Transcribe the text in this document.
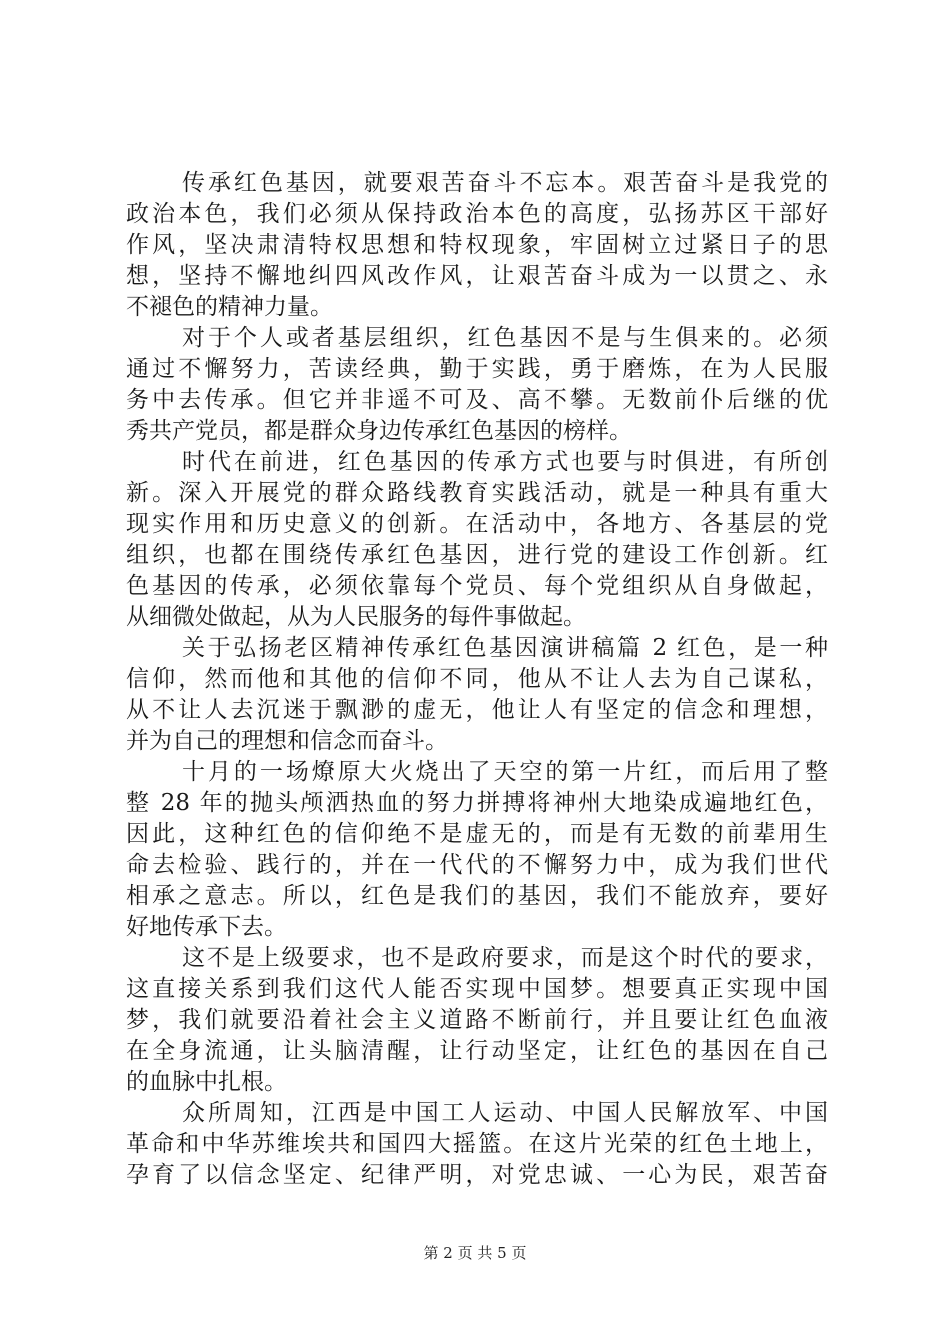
传承红色基因，就要艰苦奋斗不忘本。艰苦奋斗是我党的
政治本色，我们必须从保持政治本色的高度，弘扬苏区干部好
作风，坚决肃清特权思想和特权现象，牢固树立过紧日子的思
想，坚持不懈地纠四风改作风，让艰苦奋斗成为一以贯之、永
不褪色的精神力量。
对于个人或者基层组织，红色基因不是与生俱来的。必须
通过不懈努力，苦读经典，勤于实践，勇于磨炼，在为人民服
务中去传承。但它并非遥不可及、高不攀。无数前仆后继的优
秀共产党员，都是群众身边传承红色基因的榜样。
时代在前进，红色基因的传承方式也要与时俱进，有所创
新。深入开展党的群众路线教育实践活动，就是一种具有重大
现实作用和历史意义的创新。在活动中，各地方、各基层的党
组织，也都在围绕传承红色基因，进行党的建设工作创新。红
色基因的传承，必须依靠每个党员、每个党组织从自身做起，
从细微处做起，从为人民服务的每件事做起。
关于弘扬老区精神传承红色基因演讲稿篇 2 红色，是一种
信仰，然而他和其他的信仰不同，他从不让人去为自己谋私，
从不让人去沉迷于飘渺的虚无，他让人有坚定的信念和理想，
并为自己的理想和信念而奋斗。
十月的一场燎原大火烧出了天空的第一片红，而后用了整
整 28 年的抛头颅洒热血的努力拼搏将神州大地染成遍地红色，
因此，这种红色的信仰绝不是虚无的，而是有无数的前辈用生
命去检验、践行的，并在一代代的不懈努力中，成为我们世代
相承之意志。所以，红色是我们的基因，我们不能放弃，要好
好地传承下去。
这不是上级要求，也不是政府要求，而是这个时代的要求，
这直接关系到我们这代人能否实现中国梦。想要真正实现中国
梦，我们就要沿着社会主义道路不断前行，并且要让红色血液
在全身流通，让头脑清醒，让行动坚定，让红色的基因在自己
的血脉中扎根。
众所周知，江西是中国工人运动、中国人民解放军、中国
革命和中华苏维埃共和国四大摇篮。在这片光荣的红色土地上，
孕育了以信念坚定、纪律严明，对党忠诚、一心为民，艰苦奋
第 2 页 共 5 页
